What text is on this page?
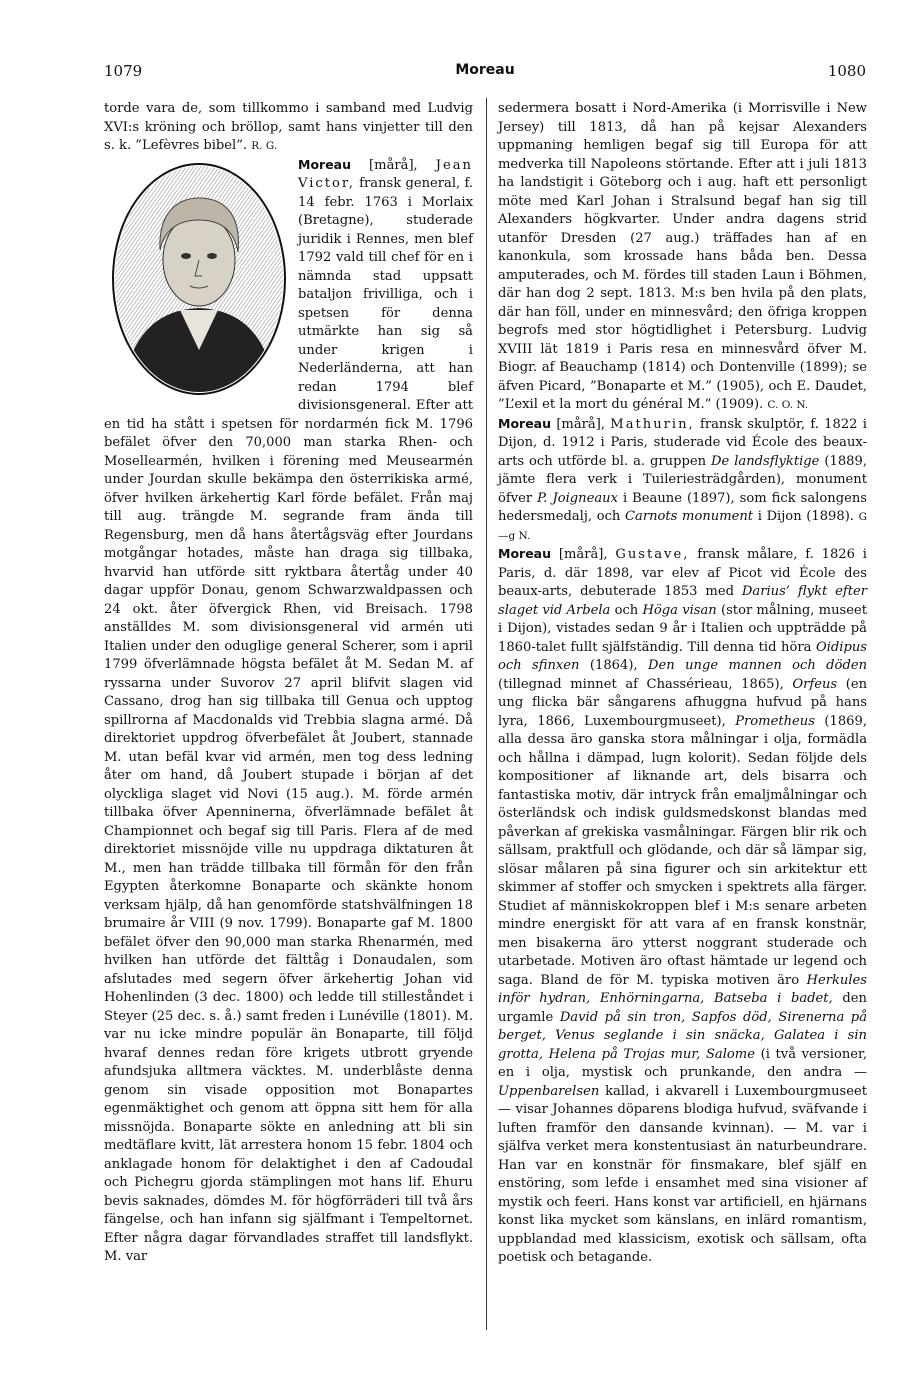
1079	Moreau	1080

torde vara de, som tillkommo i samband med Ludvig XVI:s kröning och bröllop, samt hans vinjetter till den s. k. ”Lefèvres bibel”. R. G.

Moreau [mårå], Jean Victor, fransk general, f. 14 febr. 1763 i Morlaix (Bretagne), studerade juridik i Rennes, men blef 1792 vald till chef för en i nämnda stad uppsatt bataljon frivilliga, och i spetsen för denna utmärkte han sig så under krigen i Nederländerna, att han redan 1794 blef divisionsgeneral. Efter att en tid ha stått i spetsen för nordarmén fick M. 1796 befälet öfver den 70,000 man starka Rhen- och Mosellearmén, hvilken i förening med Meusearmén under Jourdan skulle bekämpa den österrikiska armé, öfver hvilken ärkehertig Karl förde befälet. Från maj till aug. trängde M. segrande fram ända till Regensburg, men då hans återtågsväg efter Jourdans motgångar hotades, måste han draga sig tillbaka, hvarvid han utförde sitt ryktbara återtåg under 40 dagar uppför Donau, genom Schwarzwaldpassen och 24 okt. åter öfvergick Rhen, vid Breisach. 1798 anställdes M. som divisionsgeneral vid armén uti Italien under den oduglige general Scherer, som i april 1799 öfverlämnade högsta befälet åt M. Sedan M. af ryssarna under Suvorov 27 april blifvit slagen vid Cassano, drog han sig tillbaka till Genua och upptog spillrorna af Macdonalds vid Trebbia slagna armé. Då direktoriet uppdrog öfverbefälet åt Joubert, stannade M. utan befäl kvar vid armén, men tog dess ledning åter om hand, då Joubert stupade i början af det olyckliga slaget vid Novi (15 aug.). M. förde armén tillbaka öfver Apenninerna, öfverlämnade befälet åt Championnet och begaf sig till Paris. Flera af de med direktoriet missnöjde ville nu uppdraga diktaturen åt M., men han trädde tillbaka till förmån för den från Egypten återkomne Bonaparte och skänkte honom verksam hjälp, då han genomförde statshvälfningen 18 brumaire år VIII (9 nov. 1799). Bonaparte gaf M. 1800 befälet öfver den 90,000 man starka Rhenarmén, med hvilken han utförde det fälttåg i Donaudalen, som afslutades med segern öfver ärkehertig Johan vid Hohenlinden (3 dec. 1800) och ledde till stilleståndet i Steyer (25 dec. s. å.) samt freden i Lunéville (1801). M. var nu icke mindre populär än Bonaparte, till följd hvaraf dennes redan före krigets utbrott gryende afundsjuka alltmera väcktes. M. underblåste denna genom sin visade opposition mot Bonapartes egenmäktighet och genom att öppna sitt hem för alla missnöjda. Bonaparte sökte en anledning att bli sin medtäflare kvitt, lät arrestera honom 15 febr. 1804 och anklagade honom för delaktighet i den af Cadoudal och Pichegru gjorda stämplingen mot hans lif. Ehuru bevis saknades, dömdes M. för högförräderi till två års fängelse, och han infann sig själfmant i Tempeltornet. Efter några dagar förvandlades straffet till landsflykt. M. var

sedermera bosatt i Nord-Amerika (i Morrisville i New Jersey) till 1813, då han på kejsar Alexanders uppmaning hemligen begaf sig till Europa för att medverka till Napoleons störtande. Efter att i juli 1813 ha landstigit i Göteborg och i aug. haft ett personligt möte med Karl Johan i Stralsund begaf han sig till Alexanders högkvarter. Under andra dagens strid utanför Dresden (27 aug.) träffades han af en kanonkula, som krossade hans båda ben. Dessa amputerades, och M. fördes till staden Laun i Böhmen, där han dog 2 sept. 1813. M:s ben hvila på den plats, där han föll, under en minnesvård; den öfriga kroppen begrofs med stor högtidlighet i Petersburg. Ludvig XVIII lät 1819 i Paris resa en minnesvård öfver M. Biogr. af Beauchamp (1814) och Dontenville (1899); se äfven Picard, ”Bonaparte et M.” (1905), och E. Daudet, ”L’exil et la mort du général M.” (1909). C. O. N.

Moreau [mårå], Mathurin, fransk skulptör, f. 1822 i Dijon, d. 1912 i Paris, studerade vid École des beaux-arts och utförde bl. a. gruppen De landsflyktige (1889, jämte flera verk i Tuileriesträdgården), monument öfver P. Joigneaux i Beaune (1897), som fick salongens hedersmedalj, och Carnots monument i Dijon (1898). G—g N.

Moreau [mårå], Gustave, fransk målare, f. 1826 i Paris, d. där 1898, var elev af Picot vid École des beaux-arts, debuterade 1853 med Darius’ flykt efter slaget vid Arbela och Höga visan (stor målning, museet i Dijon), vistades sedan 9 år i Italien och uppträdde på 1860-talet fullt själfständig. Till denna tid höra Oidipus och sfinxen (1864), Den unge mannen och döden (tillegnad minnet af Chassérieau, 1865), Orfeus (en ung flicka bär sångarens afhuggna hufvud på hans lyra, 1866, Luxembourgmuseet), Prometheus (1869, alla dessa äro ganska stora målningar i olja, formädla och hållna i dämpad, lugn kolorit). Sedan följde dels kompositioner af liknande art, dels bisarra och fantastiska motiv, där intryck från emaljmålningar och österländsk och indisk guldsmedskonst blandas med påverkan af grekiska vasmålningar. Färgen blir rik och sällsam, praktfull och glödande, och där så lämpar sig, slösar målaren på sina figurer och sin arkitektur ett skimmer af stoffer och smycken i spektrets alla färger. Studiet af människokroppen blef i M:s senare arbeten mindre energiskt för att vara af en fransk konstnär, men bisakerna äro ytterst noggrant studerade och utarbetade. Motiven äro oftast hämtade ur legend och saga. Bland de för M. typiska motiven äro Herkules inför hydran, Enhörningarna, Batseba i badet, den urgamle David på sin tron, Sapfos död, Sirenerna på berget, Venus seglande i sin snäcka, Galatea i sin grotta, Helena på Trojas mur, Salome (i två versioner, en i olja, mystisk och prunkande, den andra — Uppenbarelsen kallad, i akvarell i Luxembourgmuseet — visar Johannes döparens blodiga hufvud, sväfvande i luften framför den dansande kvinnan). — M. var i själfva verket mera konstentusiast än naturbeundrare. Han var en konstnär för finsmakare, blef själf en enstöring, som lefde i ensamhet med sina visioner af mystik och feeri. Hans konst var artificiell, en hjärnans konst lika mycket som känslans, en inlärd romantism, uppblandad med klassicism, exotisk och sällsam, ofta poetisk och betagande.
